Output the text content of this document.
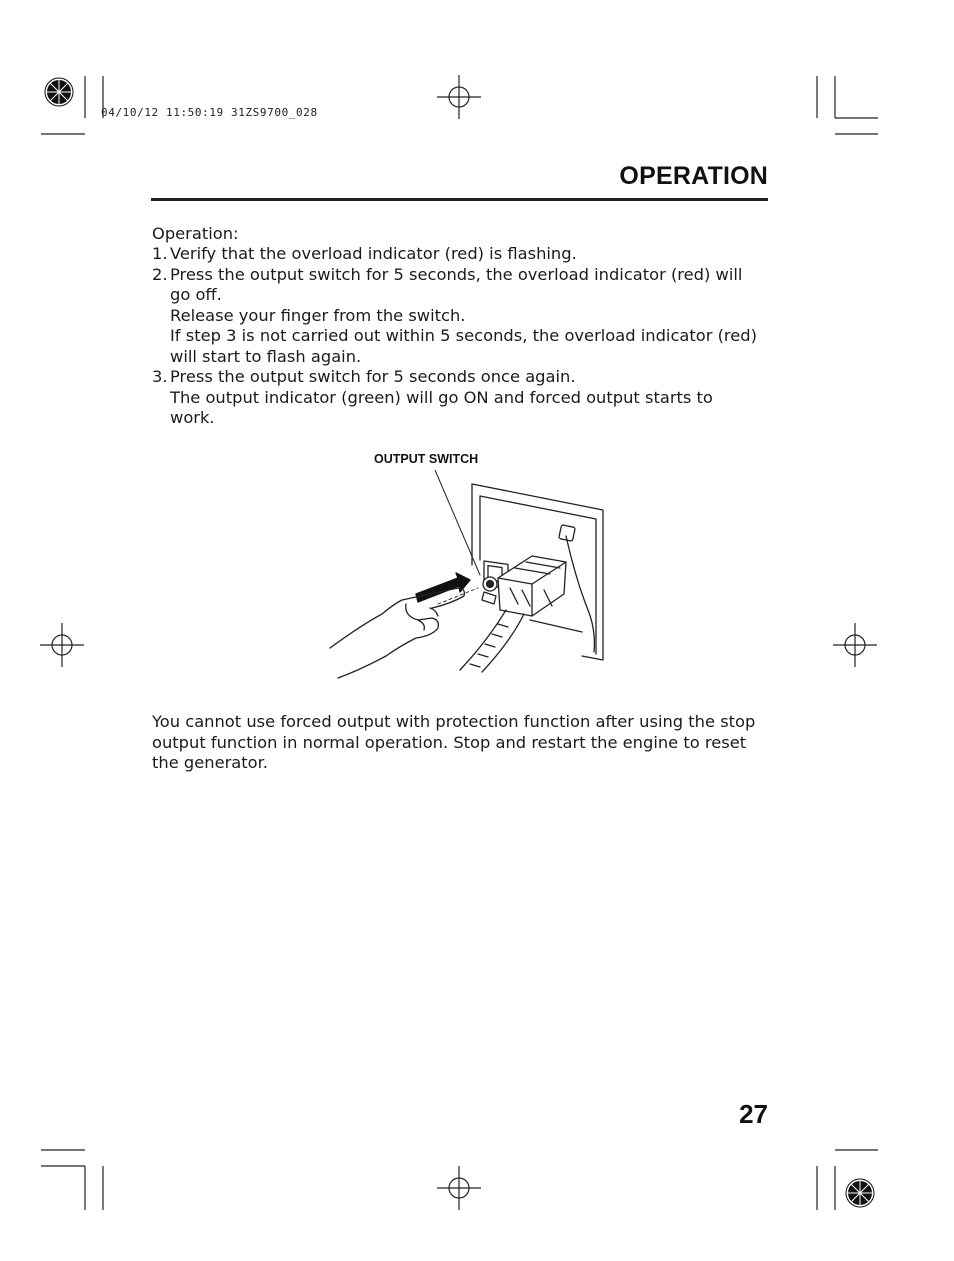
04/10/12 11:50:19 31ZS9700_028
OPERATION
Operation:
1. Verify that the overload indicator (red) is flashing.

2. Press the output switch for 5 seconds, the overload indicator (red) will go off.

Release your finger from the switch.

If step 3 is not carried out within 5 seconds, the overload indicator (red) will start to flash again.

3. Press the output switch for 5 seconds once again.

The output indicator (green) will go ON and forced output starts to work.

OUTPUT SWITCH
You cannot use forced output with protection function after using the stop output function in normal operation. Stop and restart the engine to reset the generator.
27
